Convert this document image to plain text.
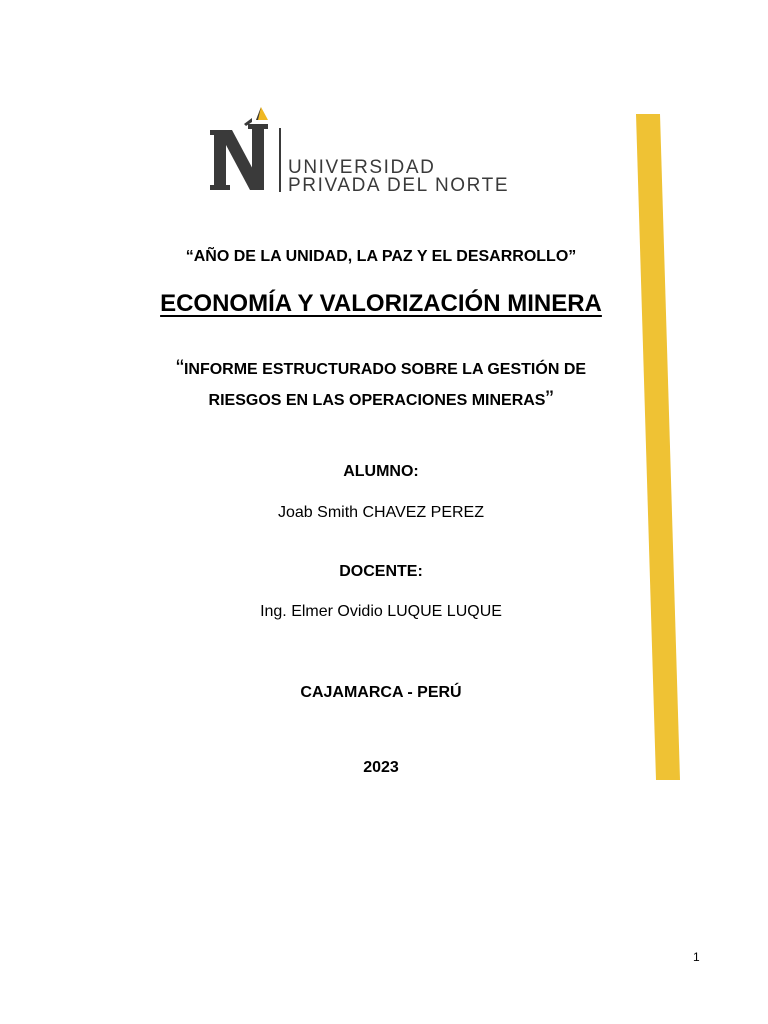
UNIVERSIDAD
PRIVADA DEL NORTE
“AÑO DE LA UNIDAD, LA PAZ Y EL DESARROLLO”
ECONOMÍA Y VALORIZACIÓN MINERA
“INFORME ESTRUCTURADO SOBRE LA GESTIÓN DE
RIESGOS EN LAS OPERACIONES MINERAS”
ALUMNO:
Joab Smith CHAVEZ PEREZ
DOCENTE:
Ing. Elmer Ovidio LUQUE LUQUE
CAJAMARCA - PERÚ
2023
1
